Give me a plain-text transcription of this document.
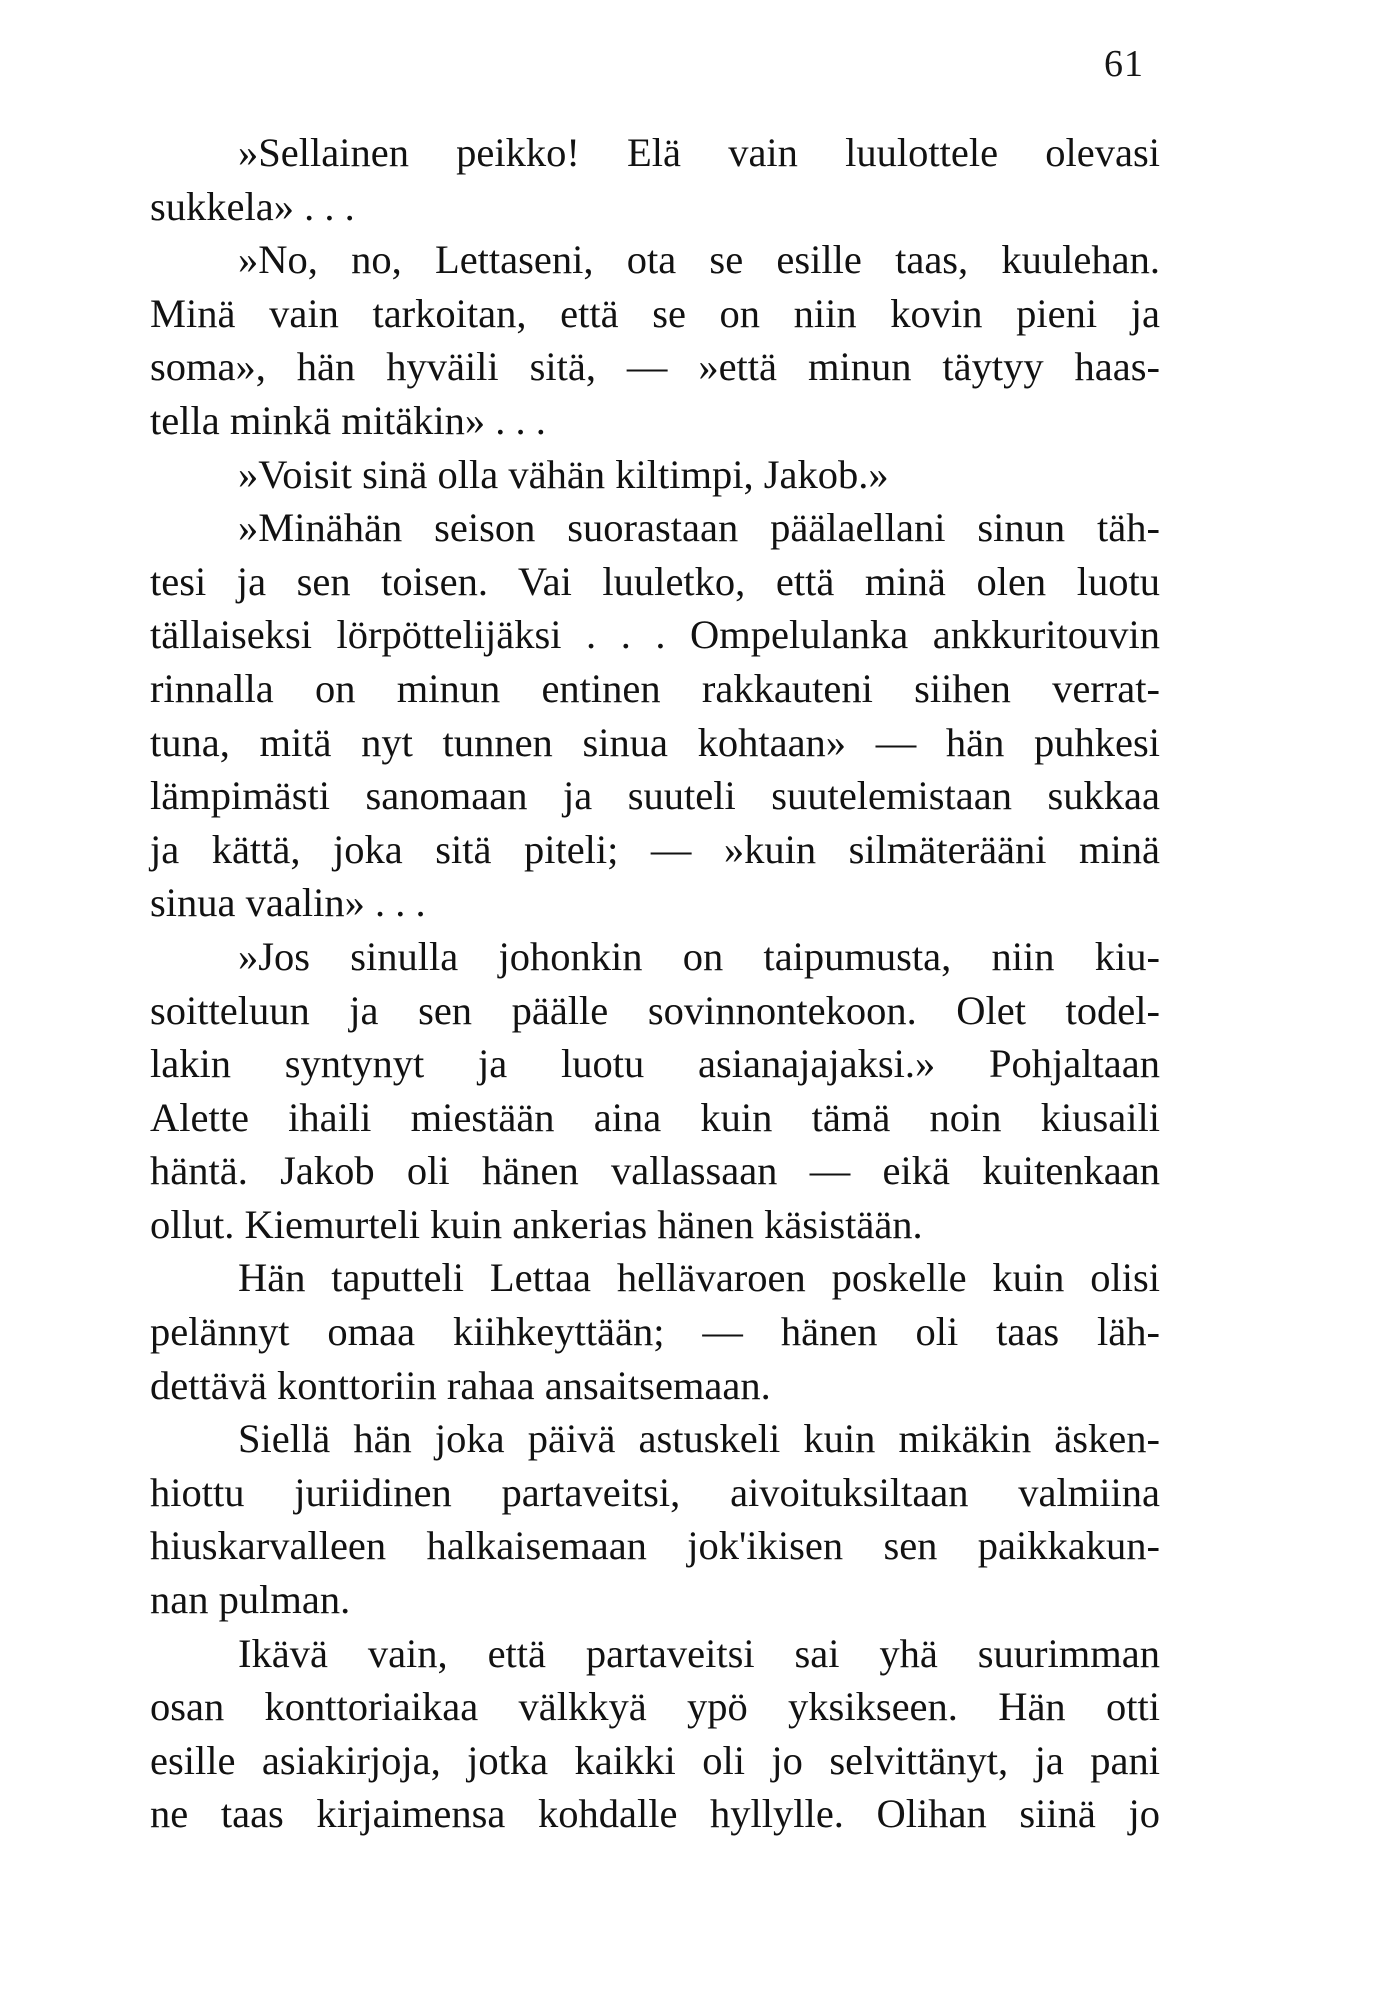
61

»Sellainen peikko! Elä vain luulottele olevasi
sukkela» . . .

»No, no, Lettaseni, ota se esille taas, kuulehan.
Minä vain tarkoitan, että se on niin kovin pieni ja
soma», hän hyväili sitä, — »että minun täytyy haas-
tella minkä mitäkin» . . .

»Voisit sinä olla vähän kiltimpi, Jakob.»

»Minähän seison suorastaan päälaellani sinun täh-
tesi ja sen toisen. Vai luuletko, että minä olen luotu
tällaiseksi lörpöttelijäksi . . . Ompelulanka ankkuritouvin
rinnalla on minun entinen rakkauteni siihen verrat-
tuna, mitä nyt tunnen sinua kohtaan» — hän puhkesi
lämpimästi sanomaan ja suuteli suutelemistaan sukkaa
ja kättä, joka sitä piteli; — »kuin silmäterääni minä
sinua vaalin» . . .

»Jos sinulla johonkin on taipumusta, niin kiu-
soitteluun ja sen päälle sovinnontekoon. Olet todel-
lakin syntynyt ja luotu asianajajaksi.» Pohjaltaan
Alette ihaili miestään aina kuin tämä noin kiusaili
häntä. Jakob oli hänen vallassaan — eikä kuitenkaan
ollut. Kiemurteli kuin ankerias hänen käsistään.

Hän taputteli Lettaa hellävaroen poskelle kuin olisi
pelännyt omaa kiihkeyttään; — hänen oli taas läh-
dettävä konttoriin rahaa ansaitsemaan.

Siellä hän joka päivä astuskeli kuin mikäkin äsken-
hiottu juriidinen partaveitsi, aivoituksiltaan valmiina
hiuskarvalleen halkaisemaan jok'ikisen sen paikkakun-
nan pulman.

Ikävä vain, että partaveitsi sai yhä suurimman
osan konttoriaikaa välkkyä ypö yksikseen. Hän otti
esille asiakirjoja, jotka kaikki oli jo selvittänyt, ja pani
ne taas kirjaimensa kohdalle hyllylle. Olihan siinä jo
